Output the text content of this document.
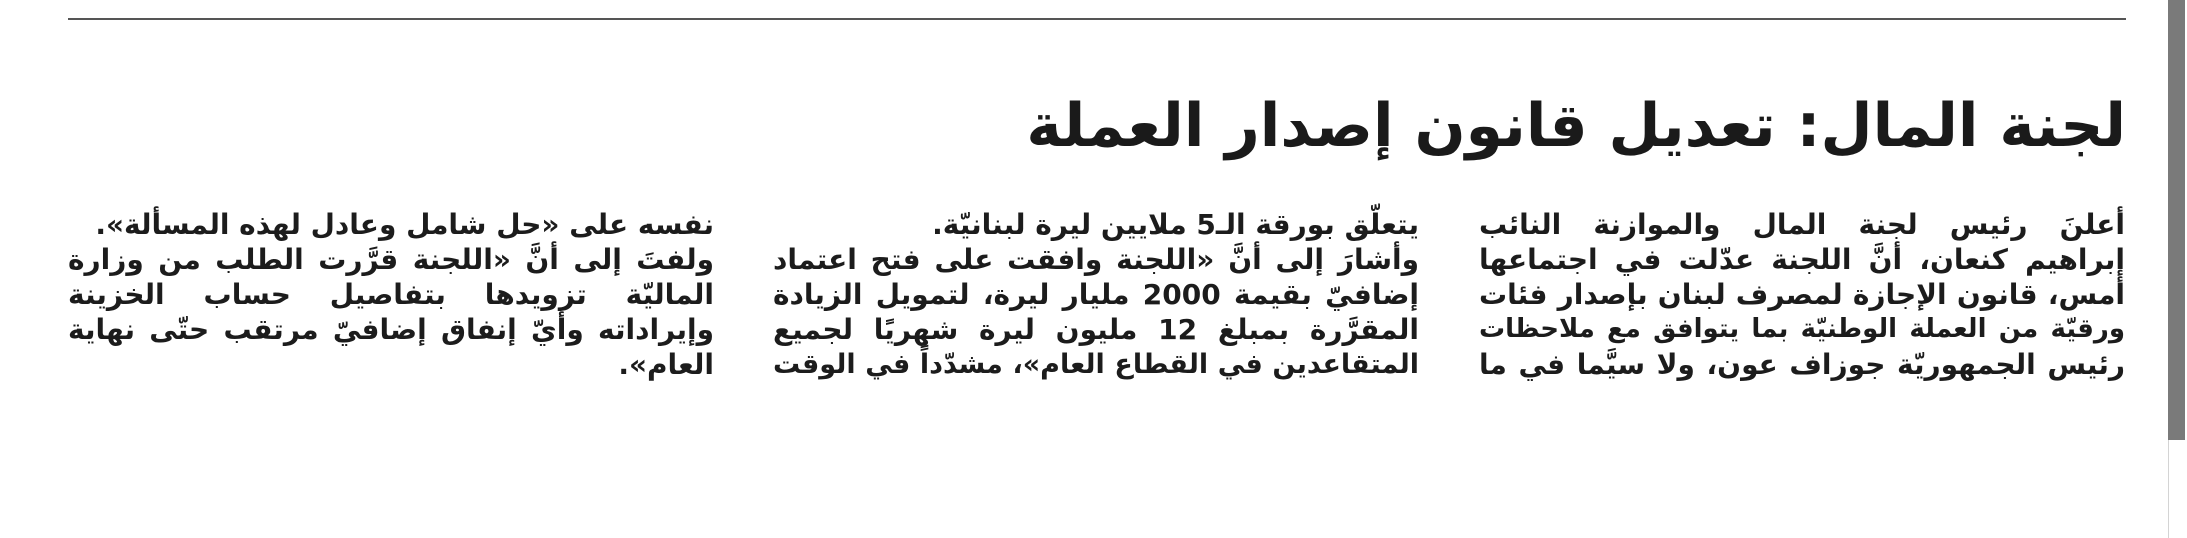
لجنة المال: تعديل قانون إصدار العملة
أعلنَ رئيس لجنة المال والموازنة النائب
إبراهيم كنعان، أنَّ اللجنة عدّلت في اجتماعها
أمس، قانون الإجازة لمصرف لبنان بإصدار فئات
ورقيّة من العملة الوطنيّة بما يتوافق مع ملاحظات
رئيس الجمهوريّة جوزاف عون، ولا سيَّما في ما
يتعلّق بورقة الـ5 ملايين ليرة لبنانيّة.
وأشارَ إلى أنَّ «اللجنة وافقت على فتح اعتماد
إضافيّ بقيمة 2000 مليار ليرة، لتمويل الزيادة
المقرَّرة بمبلغ 12 مليون ليرة شهريًا لجميع
المتقاعدين في القطاع العام»، مشدّداً في الوقت
نفسه على «حل شامل وعادل لهذه المسألة».
ولفتَ إلى أنَّ «اللجنة قرَّرت الطلب من وزارة
الماليّة تزويدها بتفاصيل حساب الخزينة
وإيراداته وأيّ إنفاق إضافيّ مرتقب حتّى نهاية
العام».
